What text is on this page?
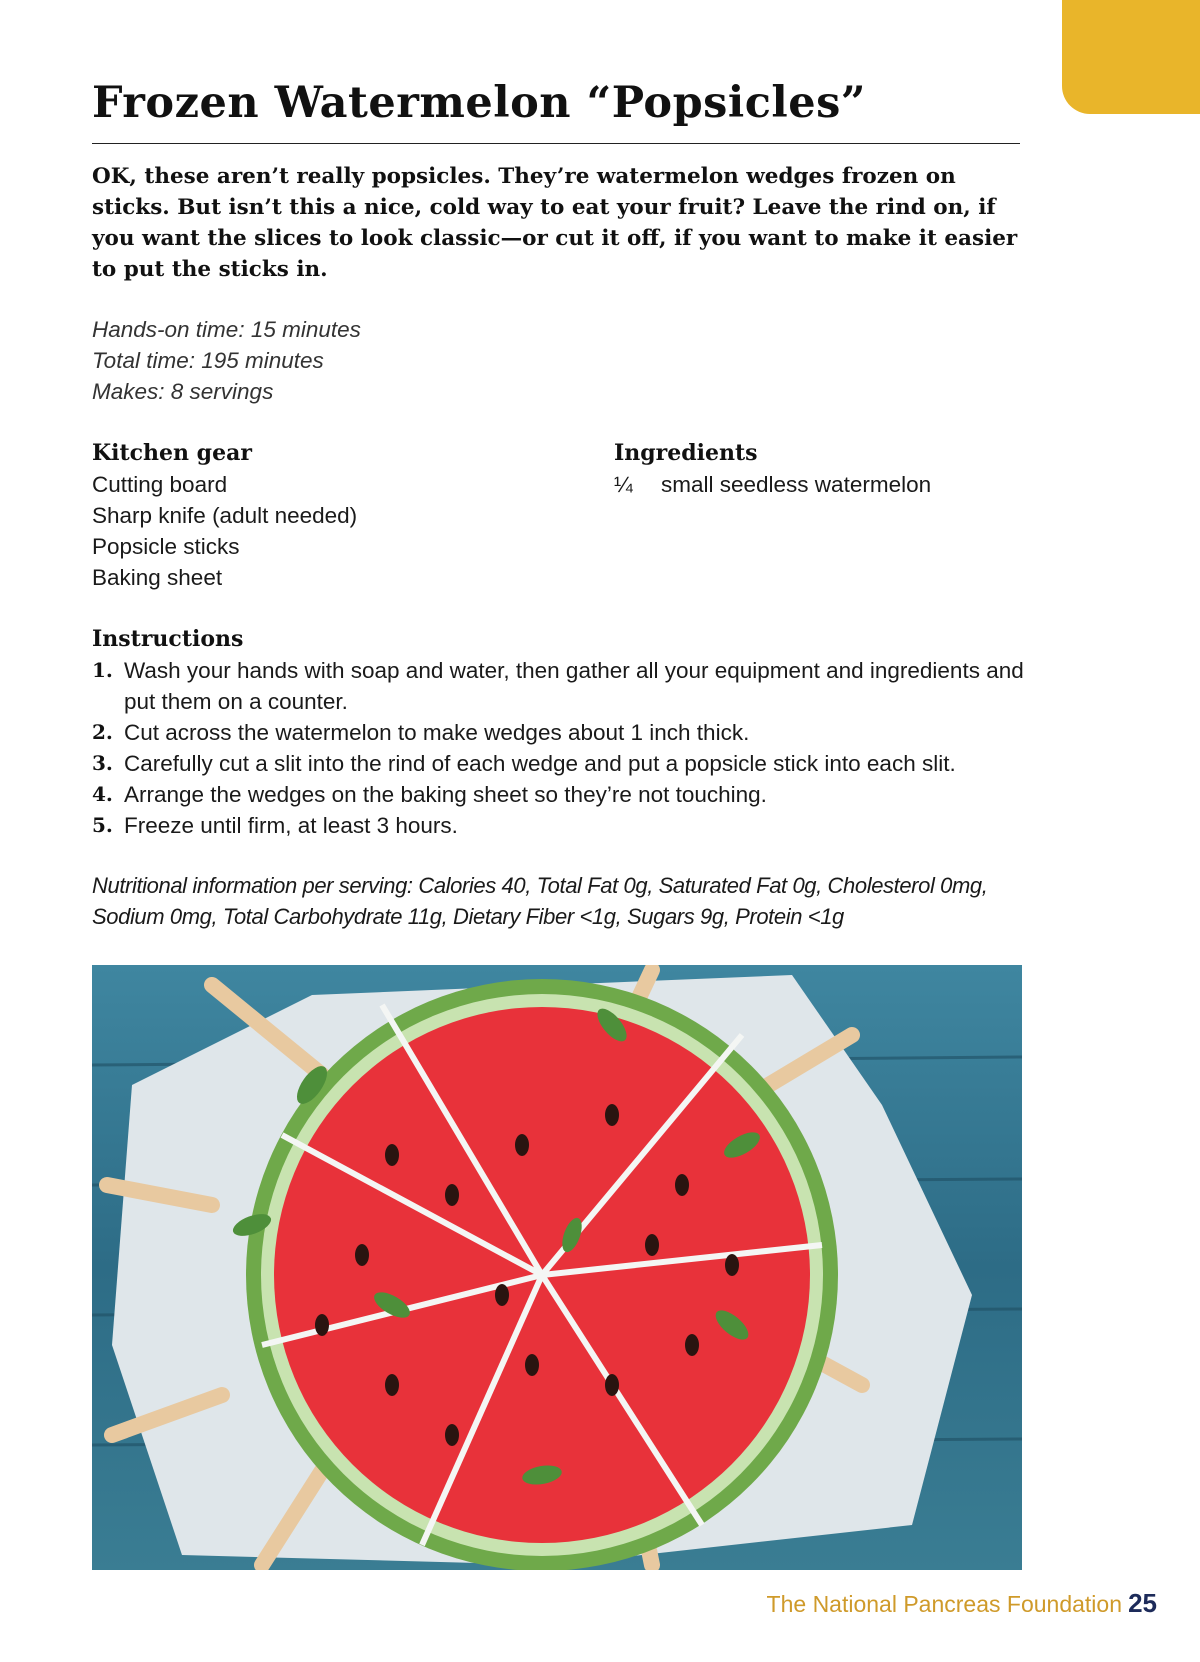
Frozen Watermelon “Popsicles”

OK, these aren’t really popsicles. They’re watermelon wedges frozen on sticks. But isn’t this a nice, cold way to eat your fruit? Leave the rind on, if you want the slices to look classic—or cut it off, if you want to make it easier to put the sticks in.

Hands-on time: 15 minutes
Total time: 195 minutes
Makes: 8 servings
Kitchen gear
Cutting board
Sharp knife (adult needed)
Popsicle sticks
Baking sheet
Ingredients
¼ small seedless watermelon
Instructions
1. Wash your hands with soap and water, then gather all your equipment and ingredients and put them on a counter.
2. Cut across the watermelon to make wedges about 1 inch thick.
3. Carefully cut a slit into the rind of each wedge and put a popsicle stick into each slit.
4. Arrange the wedges on the baking sheet so they’re not touching.
5. Freeze until firm, at least 3 hours.

Nutritional information per serving: Calories 40, Total Fat 0g, Saturated Fat 0g, Cholesterol 0mg, Sodium 0mg, Total Carbohydrate 11g, Dietary Fiber <1g, Sugars 9g, Protein <1g

The National Pancreas Foundation 25
